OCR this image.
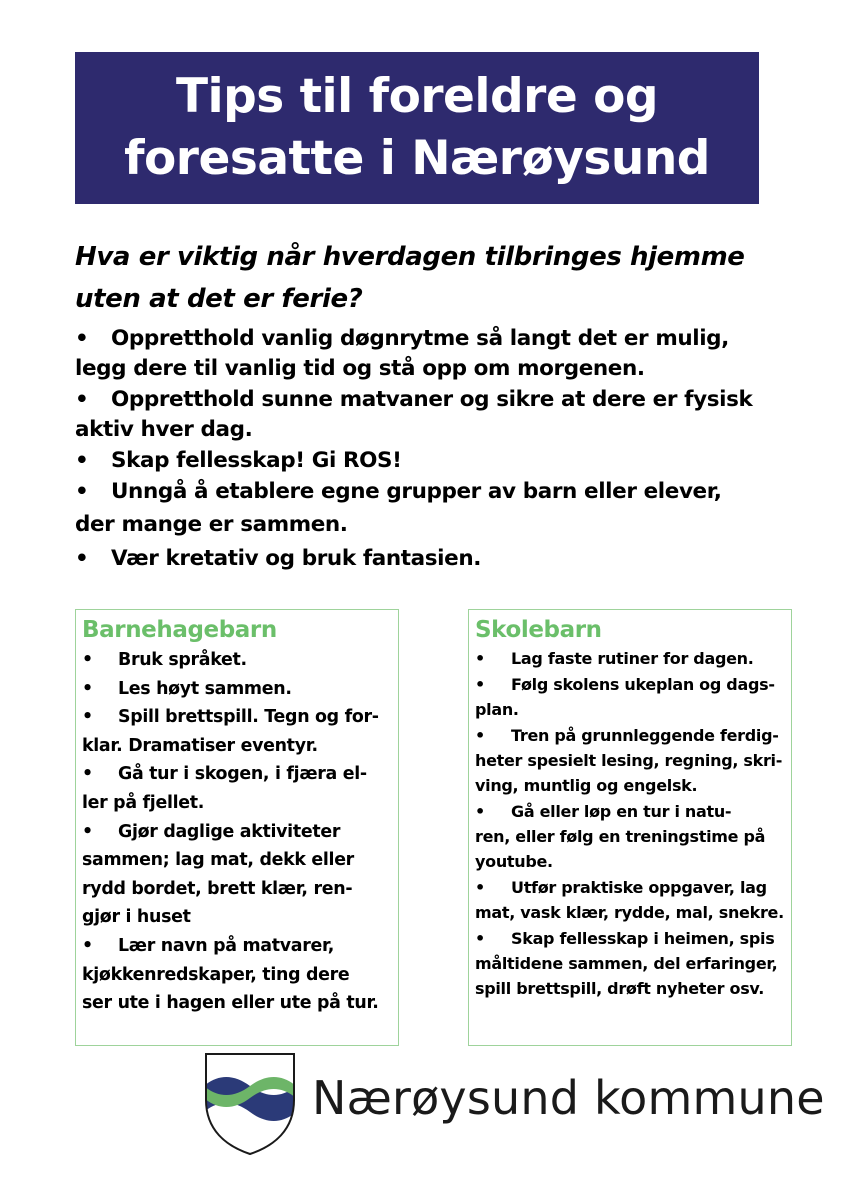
Tips til foreldre og
foresatte i Nærøysund
Hva er viktig når hverdagen tilbringes hjemme
uten at det er ferie?
• Oppretthold vanlig døgnrytme så langt det er mulig,
legg dere til vanlig tid og stå opp om morgenen.
• Oppretthold sunne matvaner og sikre at dere er fysisk
aktiv hver dag.
• Skap fellesskap! Gi ROS!
• Unngå å etablere egne grupper av barn eller elever,
der mange er sammen.
• Vær kretativ og bruk fantasien.
Barnehagebarn
• Bruk språket.
• Les høyt sammen.
• Spill brettspill. Tegn og for-
klar. Dramatiser eventyr.
• Gå tur i skogen, i fjæra el-
ler på fjellet.
• Gjør daglige aktiviteter
sammen; lag mat, dekk eller
rydd bordet, brett klær, ren-
gjør i huset
• Lær navn på matvarer,
kjøkkenredskaper, ting dere
ser ute i hagen eller ute på tur.
Skolebarn
• Lag faste rutiner for dagen.
• Følg skolens ukeplan og dags-
plan.
• Tren på grunnleggende ferdig-
heter spesielt lesing, regning, skri-
ving, muntlig og engelsk.
• Gå eller løp en tur i natu-
ren, eller følg en treningstime på
youtube.
• Utfør praktiske oppgaver, lag
mat, vask klær, rydde, mal, snekre.
• Skap fellesskap i heimen, spis
måltidene sammen, del erfaringer,
spill brettspill, drøft nyheter osv.
Nærøysund kommune
